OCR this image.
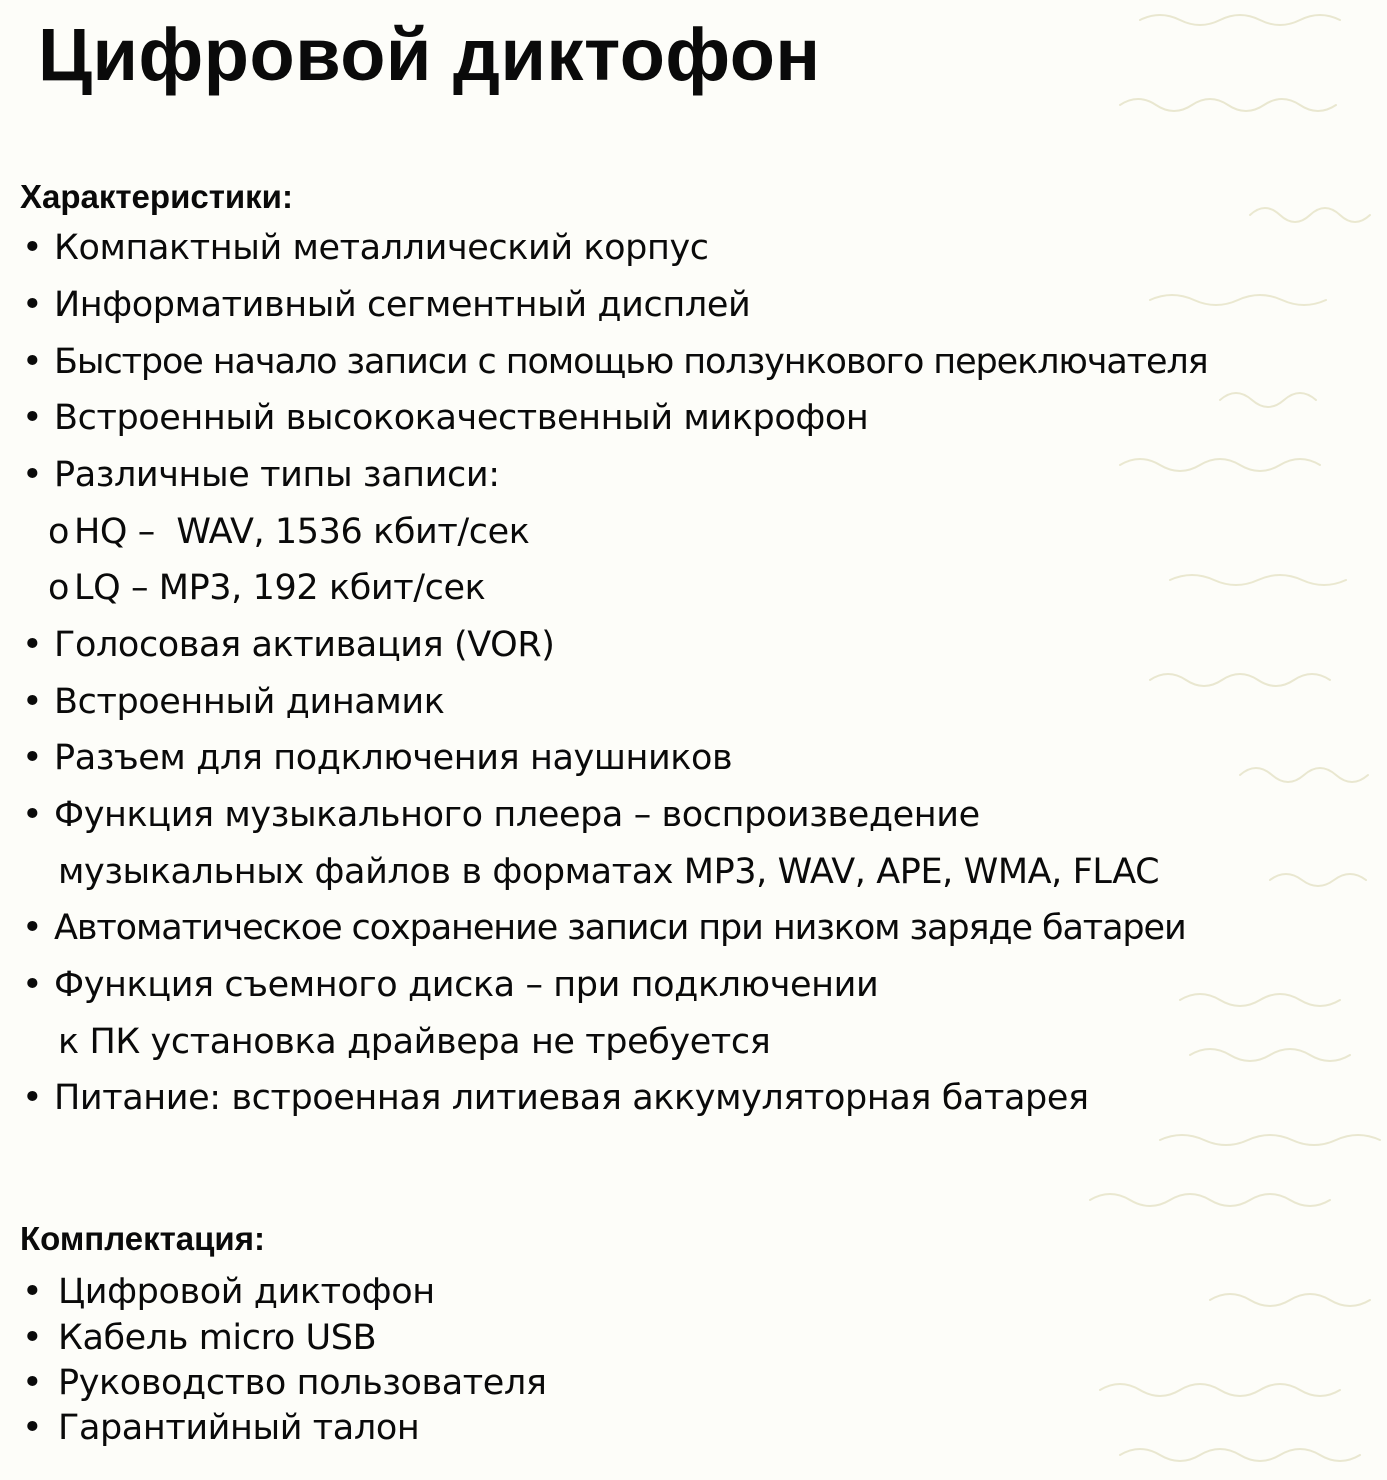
Цифровой диктофон
Характеристики:
• Компактный металлический корпус
• Информативный сегментный дисплей
• Быстрое начало записи с помощью ползункового переключателя
• Встроенный высококачественный микрофон
• Различные типы записи:
o HQ –  WAV, 1536 кбит/сек
o LQ – MP3, 192 кбит/сек
• Голосовая активация (VOR)
• Встроенный динамик
• Разъем для подключения наушников
• Функция музыкального плеера – воспроизведение
музыкальных файлов в форматах MP3, WAV, APE, WMA, FLAC
• Автоматическое сохранение записи при низком заряде батареи
• Функция съемного диска – при подключении
к ПК установка драйвера не требуется
• Питание: встроенная литиевая аккумуляторная батарея
Комплектация:
• Цифровой диктофон
• Кабель micro USB
• Руководство пользователя
• Гарантийный талон
